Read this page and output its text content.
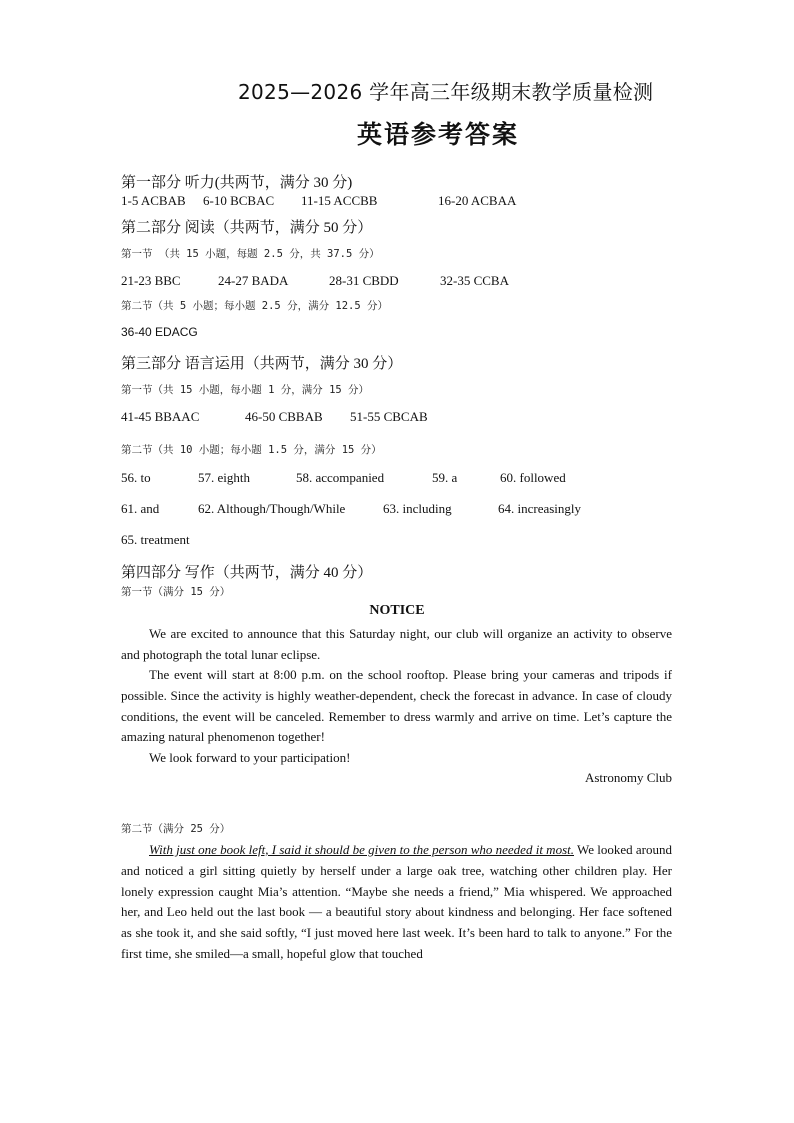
2025—2026 学年高三年级期末教学质量检测
英语参考答案
第一部分 听力(共两节，满分 30 分)
1-5 ACBAB 6-10 BCBAC 11-15 ACCBB	16-20 ACBAA
第二部分 阅读（共两节，满分 50 分）
第一节 （共 15 小题，每题 2.5 分，共 37.5 分）
21-23 BBC	24-27 BADA	28-31 CBDD	32-35 CCBA
第二节（共 5 小题；每小题 2.5 分，满分 12.5 分）
36-40 EDACG
第三部分 语言运用（共两节，满分 30 分）
第一节（共 15 小题，每小题 1 分，满分 15 分）
41-45 BBAAC	46-50 CBBAB 51-55 CBCAB
第二节（共 10 小题；每小题 1.5 分，满分 15 分）
56. to	57. eighth	58. accompanied	59. a	60. followed
61. and	62. Although/Though/While	63. including	64. increasingly
65. treatment
第四部分 写作（共两节，满分 40 分）
第一节（满分 15 分）
NOTICE
We are excited to announce that this Saturday night, our club will organize an activity to observe and photograph the total lunar eclipse.
The event will start at 8:00 p.m. on the school rooftop. Please bring your cameras and tripods if possible. Since the activity is highly weather-dependent, check the forecast in advance. In case of cloudy conditions, the event will be canceled. Remember to dress warmly and arrive on time. Let’s capture the amazing natural phenomenon together!
We look forward to your participation!
Astronomy Club
第二节（满分 25 分）
With just one book left, I said it should be given to the person who needed it most. We looked around and noticed a girl sitting quietly by herself under a large oak tree, watching other children play. Her lonely expression caught Mia’s attention. “Maybe she needs a friend,” Mia whispered. We approached her, and Leo held out the last book — a beautiful story about kindness and belonging. Her face softened as she took it, and she said softly, “I just moved here last week. It’s been hard to talk to anyone.” For the first time, she smiled—a small, hopeful glow that touched
